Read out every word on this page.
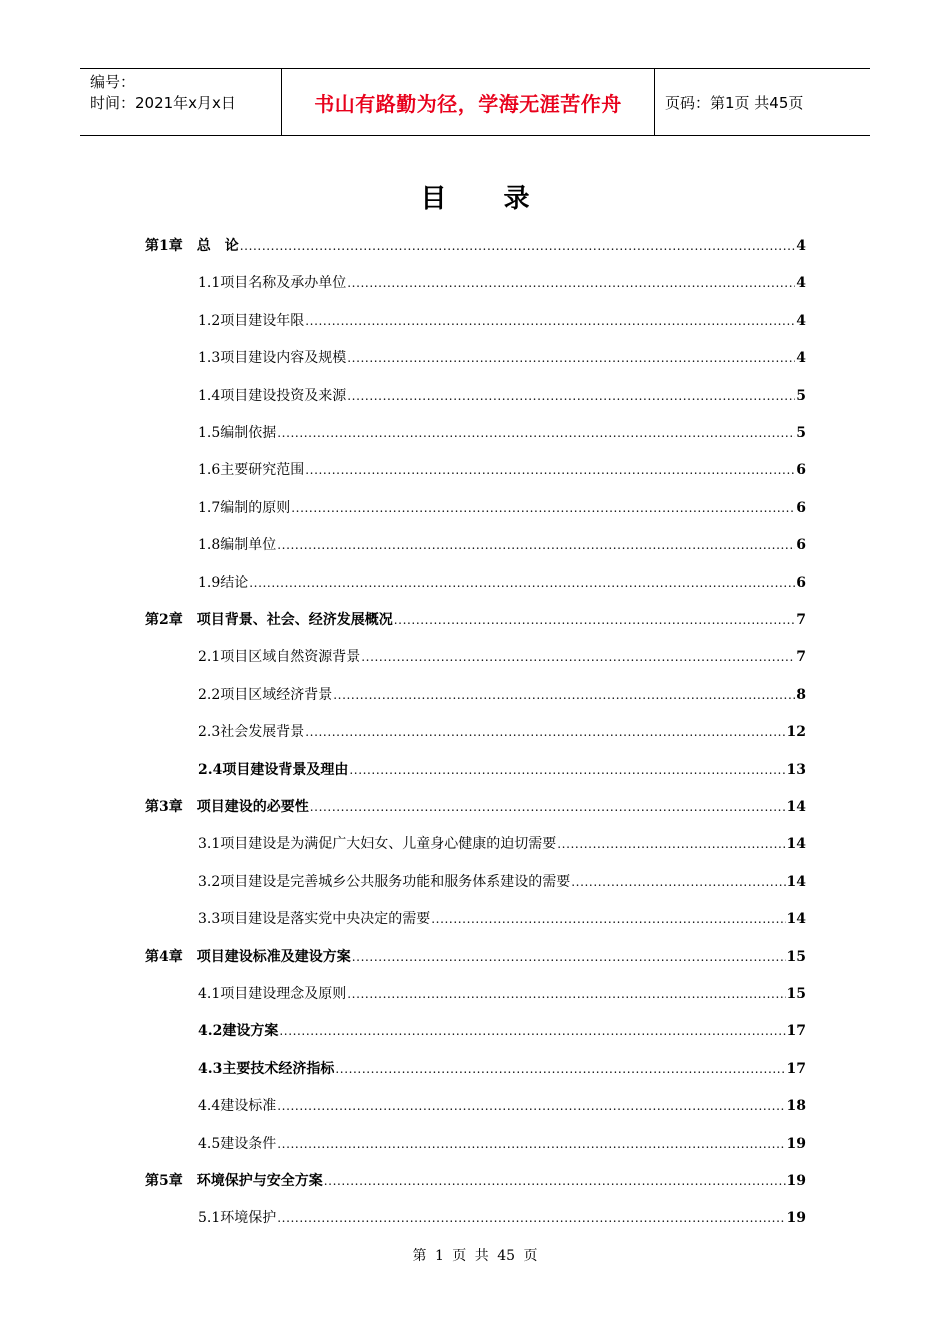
编号：
时间：2021年x月x日	书山有路勤为径，学海无涯苦作舟	页码：第1页 共45页
目 录
第1章　总　论 .....	4
1.1项目名称及承办单位 .....	4
1.2项目建设年限 .....	4
1.3项目建设内容及规模 .....	4
1.4项目建设投资及来源 .....	5
1.5编制依据 .....	5
1.6主要研究范围 .....	6
1.7编制的原则 .....	6
1.8编制单位 .....	6
1.9结论 .....	6
第2章　项目背景、社会、经济发展概况 .....	7
2.1项目区域自然资源背景 .....	7
2.2项目区域经济背景 .....	8
2.3社会发展背景 .....	12
2.4项目建设背景及理由 .....	13
第3章　项目建设的必要性 .....	14
3.1项目建设是为满促广大妇女、儿童身心健康的迫切需要 .....	14
3.2项目建设是完善城乡公共服务功能和服务体系建设的需要 .....	14
3.3项目建设是落实党中央决定的需要 .....	14
第4章　项目建设标准及建设方案 .....	15
4.1项目建设理念及原则 .....	15
4.2建设方案 .....	17
4.3主要技术经济指标 .....	17
4.4建设标准 .....	18
4.5建设条件 .....	19
第5章　环境保护与安全方案 .....	19
5.1环境保护 .....	19
第 1 页 共 45 页
